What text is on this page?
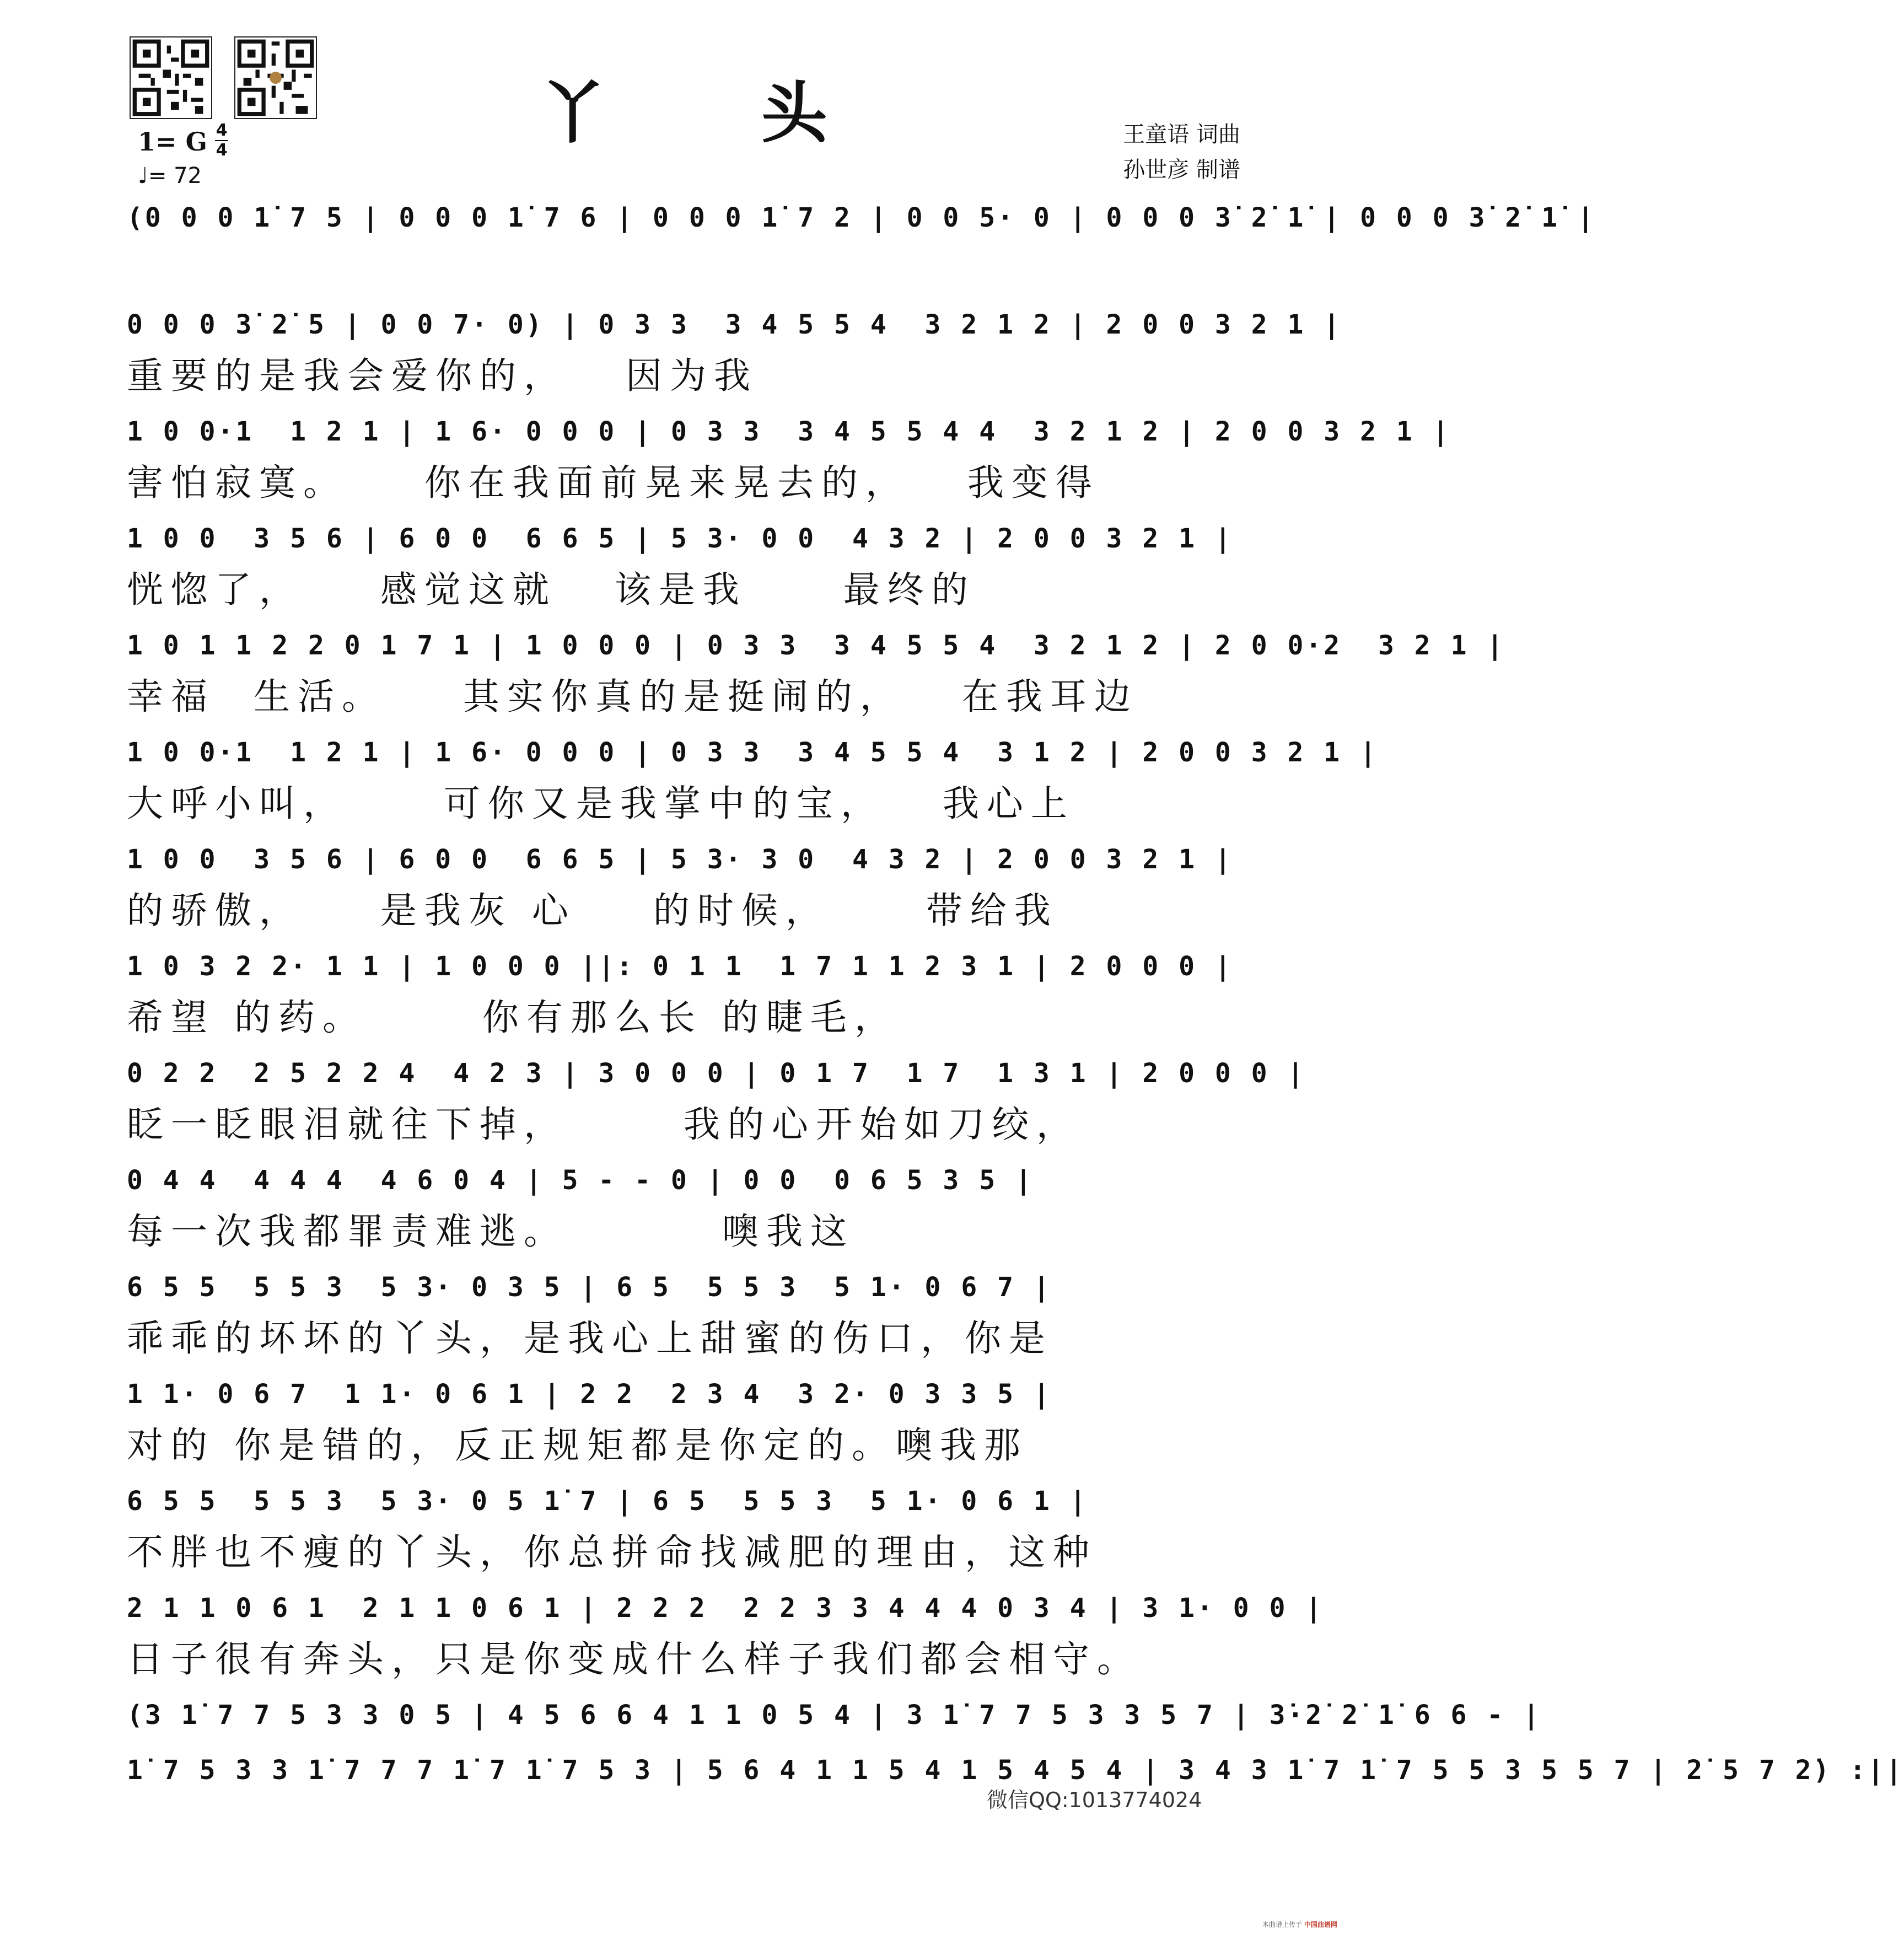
丫 头	王童语 词曲
孙世彦 制谱
1= G 4
4
♩= 72
(0 0 0 1̇ 7 5 | 0 0 0 1̇ 7 6 | 0 0 0 1̇ 7 2 | 0 0 5· 0 | 0 0 0 3̇ 2̇ 1̇ | 0 0 0 3̇ 2̇ 1̇ |
0 0 0 3̇ 2̇ 5 | 0 0 7· 0) | 0 3 3  3 4 5 5 4  3 2 1 2 | 2 0 0 3 2 1 |
重要的是我会爱你的，   因为我
1 0 0·1  1 2 1 | 1 6· 0 0 0 | 0 3 3  3 4 5 5 4 4  3 2 1 2 | 2 0 0 3 2 1 |
害怕寂寞。    你在我面前晃来晃去的，   我变得
1 0 0  3 5 6 | 6 0 0  6 6 5 | 5 3· 0 0  4 3 2 | 2 0 0 3 2 1 |
恍惚了，    感觉这就   该是我     最终的
1 0 1 1 2 2 0 1 7 1 | 1 0 0 0 | 0 3 3  3 4 5 5 4  3 2 1 2 | 2 0 0·2  3 2 1 |
幸福  生活。    其实你真的是挺闹的，   在我耳边
1 0 0·1  1 2 1 | 1 6· 0 0 0 | 0 3 3  3 4 5 5 4  3 1 2 | 2 0 0 3 2 1 |
大呼小叫，     可你又是我掌中的宝，   我心上
1 0 0  3 5 6 | 6 0 0  6 6 5 | 5 3· 3 0  4 3 2 | 2 0 0 3 2 1 |
的骄傲，    是我灰 心    的时候，     带给我
1 0 3 2 2· 1 1 | 1 0 0 0 ||: 0 1 1  1 7 1 1 2 3 1 | 2 0 0 0 |
希望 的药。      你有那么长 的睫毛，
0 2 2  2 5 2 2 4  4 2 3 | 3 0 0 0 | 0 1 7  1 7  1 3 1 | 2 0 0 0 |
眨一眨眼泪就往下掉，      我的心开始如刀绞，
0 4 4  4 4 4  4 6 0 4 | 5 - - 0 | 0 0  0 6 5 3 5 |
每一次我都罪责难逃。        噢我这
6 5 5  5 5 3  5 3· 0 3 5 | 6 5  5 5 3  5 1· 0 6 7 |
乖乖的坏坏的丫头，是我心上甜蜜的伤口，你是
1 1· 0 6 7  1 1· 0 6 1 | 2 2  2 3 4  3 2· 0 3 3 5 |
对的 你是错的，反正规矩都是你定的。噢我那
6 5 5  5 5 3  5 3· 0 5 1̇ 7 | 6 5  5 5 3  5 1· 0 6 1 |
不胖也不瘦的丫头，你总拼命找减肥的理由，这种
2 1 1 0 6 1  2 1 1 0 6 1 | 2 2 2  2 2 3 3 4 4 4 0 3 4 | 3 1· 0 0 |
日子很有奔头，只是你变成什么样子我们都会相守。
(3 1̇ 7 7 5 3 3 0 5 | 4 5 6 6 4 1 1 0 5 4 | 3 1̇ 7 7 5 3 3 5 7 | 3̇·2̇ 2̇ 1̇ 6 6 - |
1̇ 7 5 3 3 1̇ 7 7 7 1̇ 7 1̇ 7 5 3 | 5 6 4 1 1 5 4 1 5 4 5 4 | 3 4 3 1̇ 7 1̇ 7 5 5 3 5 5 7 | 2̇ 5 7 2̇) :||
微信QQ:1013774024
本曲谱上传于 中国曲谱网
